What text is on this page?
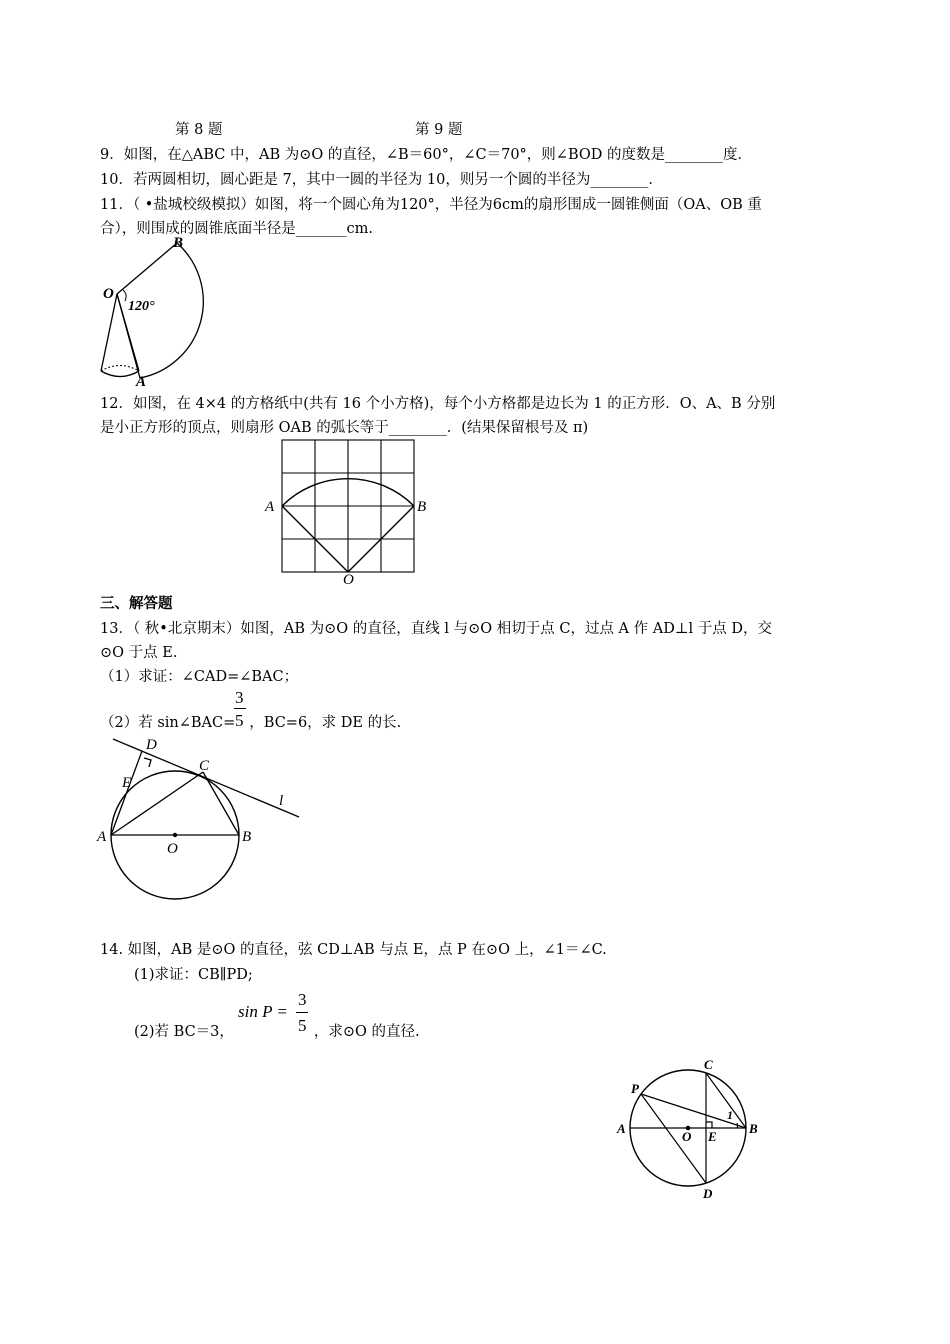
第 8 题	第 9 题
9．如图，在△ABC 中，AB 为⊙O 的直径，∠B＝60°，∠C＝70°，则∠BOD 的度数是________度．
10．若两圆相切，圆心距是 7，其中一圆的半径为 10，则另一个圆的半径为________．
11．（ •盐城校级模拟）如图，将一个圆心角为120°，半径为6cm的扇形围成一圆锥侧面（OA、OB 重
合），则围成的圆锥底面半径是_______cm.
O
B
A
120°
12．如图，在 4×4 的方格纸中(共有 16 个小方格)，每个小方格都是边长为 1 的正方形．O、A、B 分别
是小正方形的顶点，则扇形 OAB 的弧长等于________．(结果保留根号及 π)
A	B
O
三、解答题
13．（ 秋•北京期末）如图，AB 为⊙O 的直径，直线 l 与⊙O 相切于点 C，过点 A 作 AD⊥l 于点 D，交
⊙O 于点 E.
（1）求证：∠CAD=∠BAC；
（2）若 sin∠BAC= ，BC=6，求 DE 的长.
3
5
A	B
C
D
E
O
l
14. 如图，AB 是⊙O 的直径，弦 CD⊥AB 与点 E，点 P 在⊙O 上，∠1＝∠C.
(1)求证：CB∥PD;
(2)若 BC＝3，	，求⊙O 的直径.
sin P =
3
5
A	B
C
D
E
O
P
1
